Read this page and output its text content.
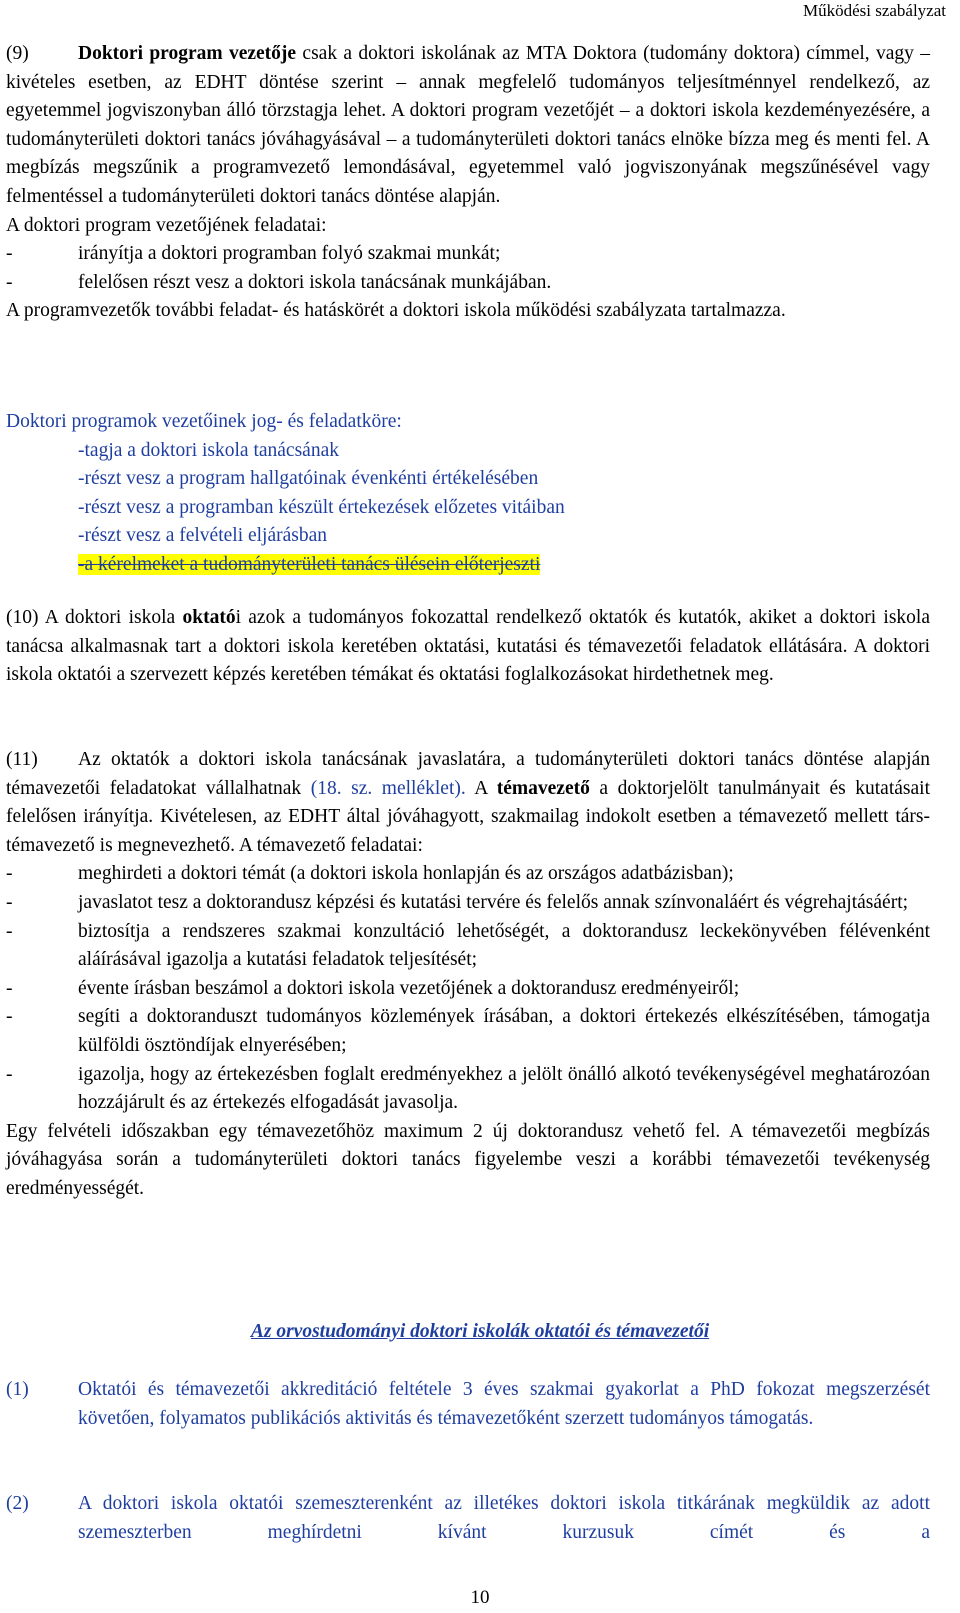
Működési szabályzat

(9)	Doktori program vezetője csak a doktori iskolának az MTA Doktora (tudomány doktora) címmel, vagy – kivételes esetben, az EDHT döntése szerint – annak megfelelő tudományos teljesítménnyel rendelkező, az egyetemmel jogviszonyban álló törzstagja lehet. A doktori program vezetőjét – a doktori iskola kezdeményezésére, a tudományterületi doktori tanács jóváhagyásával – a tudományterületi doktori tanács elnöke bízza meg és menti fel. A megbízás megszűnik a programvezető lemondásával, egyetemmel való jogviszonyának megszűnésével vagy felmentéssel a tudományterületi doktori tanács döntése alapján.

A doktori program vezetőjének feladatai:

-	irányítja a doktori programban folyó szakmai munkát;
-	felelősen részt vesz a doktori iskola tanácsának munkájában.

A programvezetők további feladat- és hatáskörét a doktori iskola működési szabályzata tartalmazza.

Doktori programok vezetőinek jog- és feladatköre:

-tagja a doktori iskola tanácsának
-részt vesz a program hallgatóinak évenkénti értékelésében
-részt vesz a programban készült értekezések előzetes vitáiban
-részt vesz a felvételi eljárásban
-a kérelmeket a tudományterületi tanács ülésein előterjeszti

(10) A doktori iskola oktatói azok a tudományos fokozattal rendelkező oktatók és kutatók, akiket a doktori iskola tanácsa alkalmasnak tart a doktori iskola keretében oktatási, kutatási és témavezetői feladatok ellátására. A doktori iskola oktatói a szervezett képzés keretében témákat és oktatási foglalkozásokat hirdethetnek meg.

(11) Az oktatók a doktori iskola tanácsának javaslatára, a tudományterületi doktori tanács döntése alapján témavezetői feladatokat vállalhatnak (18. sz. melléklet). A témavezető a doktorjelölt tanulmányait és kutatásait felelősen irányítja. Kivételesen, az EDHT által jóváhagyott, szakmailag indokolt esetben a témavezető mellett társ-témavezető is megnevezhető. A témavezető feladatai:

-	meghirdeti a doktori témát (a doktori iskola honlapján és az országos adatbázisban);
-	javaslatot tesz a doktorandusz képzési és kutatási tervére és felelős annak színvonaláért és végrehajtásáért;
-	biztosítja a rendszeres szakmai konzultáció lehetőségét, a doktorandusz leckekönyvében félévenként aláírásával igazolja a kutatási feladatok teljesítését;
-	évente írásban beszámol a doktori iskola vezetőjének a doktorandusz eredményeiről;
-	segíti a doktoranduszt tudományos közlemények írásában, a doktori értekezés elkészítésében, támogatja külföldi ösztöndíjak elnyerésében;
-	igazolja, hogy az értekezésben foglalt eredményekhez a jelölt önálló alkotó tevékenységével meghatározóan hozzájárult és az értekezés elfogadását javasolja.

Egy felvételi időszakban egy témavezetőhöz maximum 2 új doktorandusz vehető fel. A témavezetői megbízás jóváhagyása során a tudományterületi doktori tanács figyelembe veszi a korábbi témavezetői tevékenység eredményességét.

Az orvostudományi doktori iskolák oktatói és témavezetői
(1)	Oktatói és témavezetői akkreditáció feltétele 3 éves szakmai gyakorlat a PhD fokozat megszerzését követően, folyamatos publikációs aktivitás és témavezetőként szerzett tudományos támogatás.
(2)	A doktori iskola oktatói szemeszterenként az illetékes doktori iskola titkárának megküldik az adott szemeszterben meghírdetni kívánt kurzusuk címét és a
10
